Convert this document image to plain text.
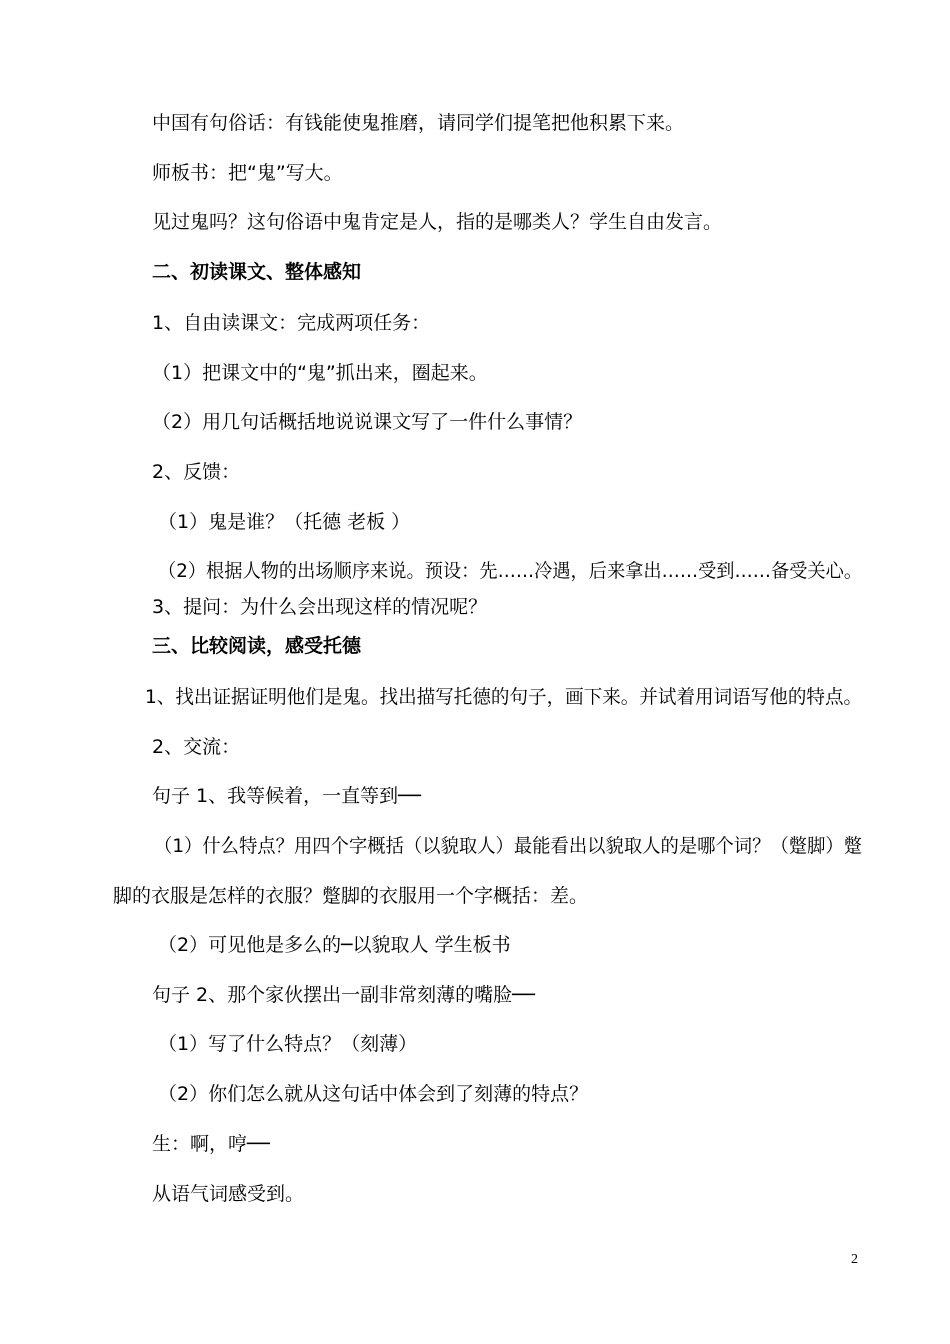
中国有句俗话：有钱能使鬼推磨，请同学们提笔把他积累下来。
师板书：把“鬼”写大。
见过鬼吗？这句俗语中鬼肯定是人，指的是哪类人？学生自由发言。
二、初读课文、整体感知
1、自由读课文：完成两项任务：
（1）把课文中的“鬼”抓出来，圈起来。
（2）用几句话概括地说说课文写了一件什么事情？
2、反馈：
（1）鬼是谁？（托德 老板 ）
（2）根据人物的出场顺序来说。预设：先……冷遇，后来拿出……受到……备受关心。
3、提问：为什么会出现这样的情况呢？
三、比较阅读，感受托德
1、找出证据证明他们是鬼。找出描写托德的句子，画下来。并试着用词语写他的特点。
2、交流：
句子 1、我等候着，一直等到──
（1）什么特点？用四个字概括（以貌取人）最能看出以貌取人的是哪个词？（蹩脚）蹩
脚的衣服是怎样的衣服？蹩脚的衣服用一个字概括：差。
（2）可见他是多么的─以貌取人 学生板书
句子 2、那个家伙摆出一副非常刻薄的嘴脸──
（1）写了什么特点？（刻薄）
（2）你们怎么就从这句话中体会到了刻薄的特点？
生：啊，哼──
从语气词感受到。
2
